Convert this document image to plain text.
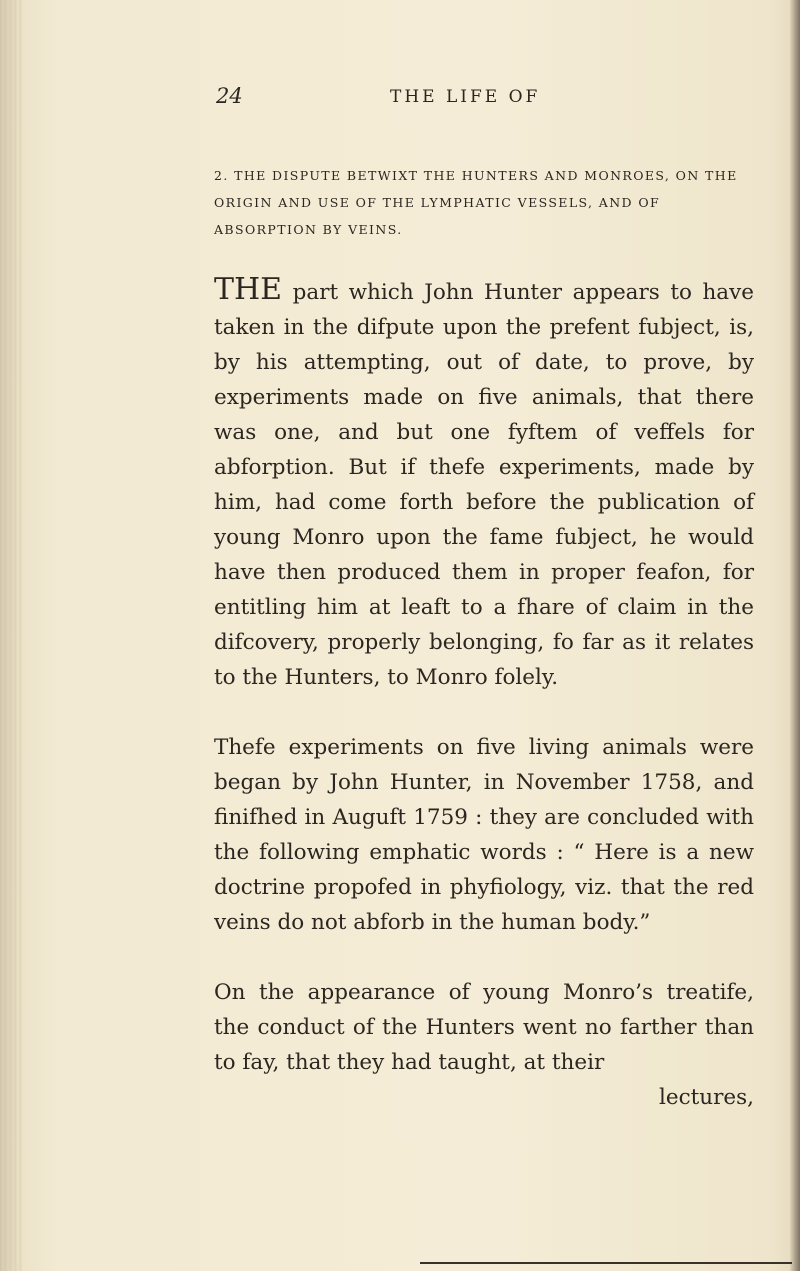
24	THE LIFE OF
2. THE DISPUTE BETWIXT THE HUNTERS AND MONROES, ON THE ORIGIN AND USE OF THE LYMPHATIC VESSELS, AND OF ABSORPTION BY VEINS.

THE part which John Hunter appears to have taken in the difpute upon the prefent fubject, is, by his attempting, out of date, to prove, by experiments made on five animals, that there was one, and but one fyftem of veffels for abforption. But if thefe experiments, made by him, had come forth before the publication of young Monro upon the fame fubject, he would have then produced them in proper feafon, for entitling him at leaft to a fhare of claim in the difcovery, properly belonging, fo far as it relates to the Hunters, to Monro folely.

Thefe experiments on five living animals were began by John Hunter, in November 1758, and finifhed in Auguft 1759 : they are concluded with the following emphatic words : “ Here is a new doctrine propofed in phyfiology, viz. that the red veins do not abforb in the human body.”

On the appearance of young Monro’s treatife, the conduct of the Hunters went no farther than to fay, that they had taught, at their

lectures,
